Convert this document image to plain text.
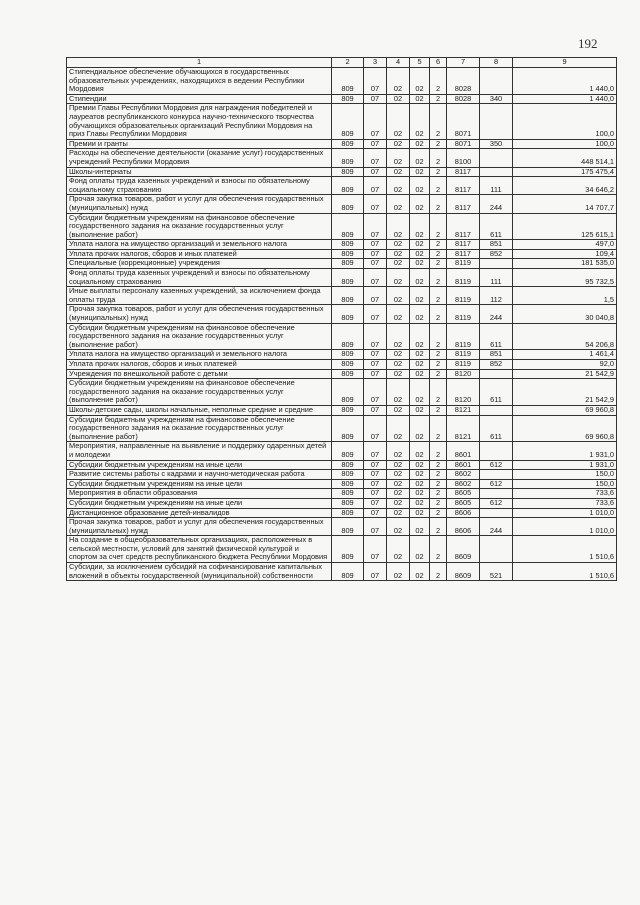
192
1	2	3	4	5	6	7	8	9
Стипендиальное обеспечение обучающихся в государственных образовательных учреждениях, находящихся в ведении Республики Мордовия	809	07	02	02	2	8028		1 440,0
Стипендии	809	07	02	02	2	8028	340	1 440,0
Премии Главы Республики Мордовия для награждения победителей и лауреатов республиканского конкурса научно-технического творчества обучающихся образовательных организаций Республики Мордовия на приз Главы Республики Мордовия	809	07	02	02	2	8071		100,0
Премии и гранты	809	07	02	02	2	8071	350	100,0
Расходы на обеспечение деятельности (оказание услуг) государственных учреждений Республики Мордовия	809	07	02	02	2	8100		448 514,1
Школы-интернаты	809	07	02	02	2	8117		175 475,4
Фонд оплаты труда казенных учреждений и взносы по обязательному социальному страхованию	809	07	02	02	2	8117	111	34 646,2
Прочая закупка товаров, работ и услуг для обеспечения государственных (муниципальных) нужд	809	07	02	02	2	8117	244	14 707,7
Субсидии бюджетным учреждениям на финансовое обеспечение государственного задания на оказание государственных услуг (выполнение работ)	809	07	02	02	2	8117	611	125 615,1
Уплата налога на имущество организаций и земельного налога	809	07	02	02	2	8117	851	497,0
Уплата прочих налогов, сборов и иных платежей	809	07	02	02	2	8117	852	109,4
Специальные (коррекционные) учреждения	809	07	02	02	2	8119		181 535,0
Фонд оплаты труда казенных учреждений и взносы по обязательному социальному страхованию	809	07	02	02	2	8119	111	95 732,5
Иные выплаты персоналу казенных учреждений, за исключением фонда оплаты труда	809	07	02	02	2	8119	112	1,5
Прочая закупка товаров, работ и услуг для обеспечения государственных (муниципальных) нужд	809	07	02	02	2	8119	244	30 040,8
Субсидии бюджетным учреждениям на финансовое обеспечение государственного задания на оказание государственных услуг (выполнение работ)	809	07	02	02	2	8119	611	54 206,8
Уплата налога на имущество организаций и земельного налога	809	07	02	02	2	8119	851	1 461,4
Уплата прочих налогов, сборов и иных платежей	809	07	02	02	2	8119	852	92,0
Учреждения по внешкольной работе с детьми	809	07	02	02	2	8120		21 542,9
Субсидии бюджетным учреждениям на финансовое обеспечение государственного задания на оказание государственных услуг (выполнение работ)	809	07	02	02	2	8120	611	21 542,9
Школы-детские сады, школы начальные, неполные средние и средние	809	07	02	02	2	8121		69 960,8
Субсидии бюджетным учреждениям на финансовое обеспечение государственного задания на оказание государственных услуг (выполнение работ)	809	07	02	02	2	8121	611	69 960,8
Мероприятия, направленные на выявление и поддержку одаренных детей и молодежи	809	07	02	02	2	8601		1 931,0
Субсидии бюджетным учреждениям на иные цели	809	07	02	02	2	8601	612	1 931,0
Развитие системы работы с кадрами и научно-методическая работа	809	07	02	02	2	8602		150,0
Субсидии бюджетным учреждениям на иные цели	809	07	02	02	2	8602	612	150,0
Мероприятия в области образования	809	07	02	02	2	8605		733,6
Субсидии бюджетным учреждениям на иные цели	809	07	02	02	2	8605	612	733,6
Дистанционное образование детей-инвалидов	809	07	02	02	2	8606		1 010,0
Прочая закупка товаров, работ и услуг для обеспечения государственных (муниципальных) нужд	809	07	02	02	2	8606	244	1 010,0
На создание в общеобразовательных организациях, расположенных в сельской местности, условий для занятий физической культурой и спортом за счет средств республиканского бюджета Республики Мордовия	809	07	02	02	2	8609		1 510,6
Субсидии, за исключением субсидий на софинансирование капитальных вложений в объекты государственной (муниципальной) собственности	809	07	02	02	2	8609	521	1 510,6
